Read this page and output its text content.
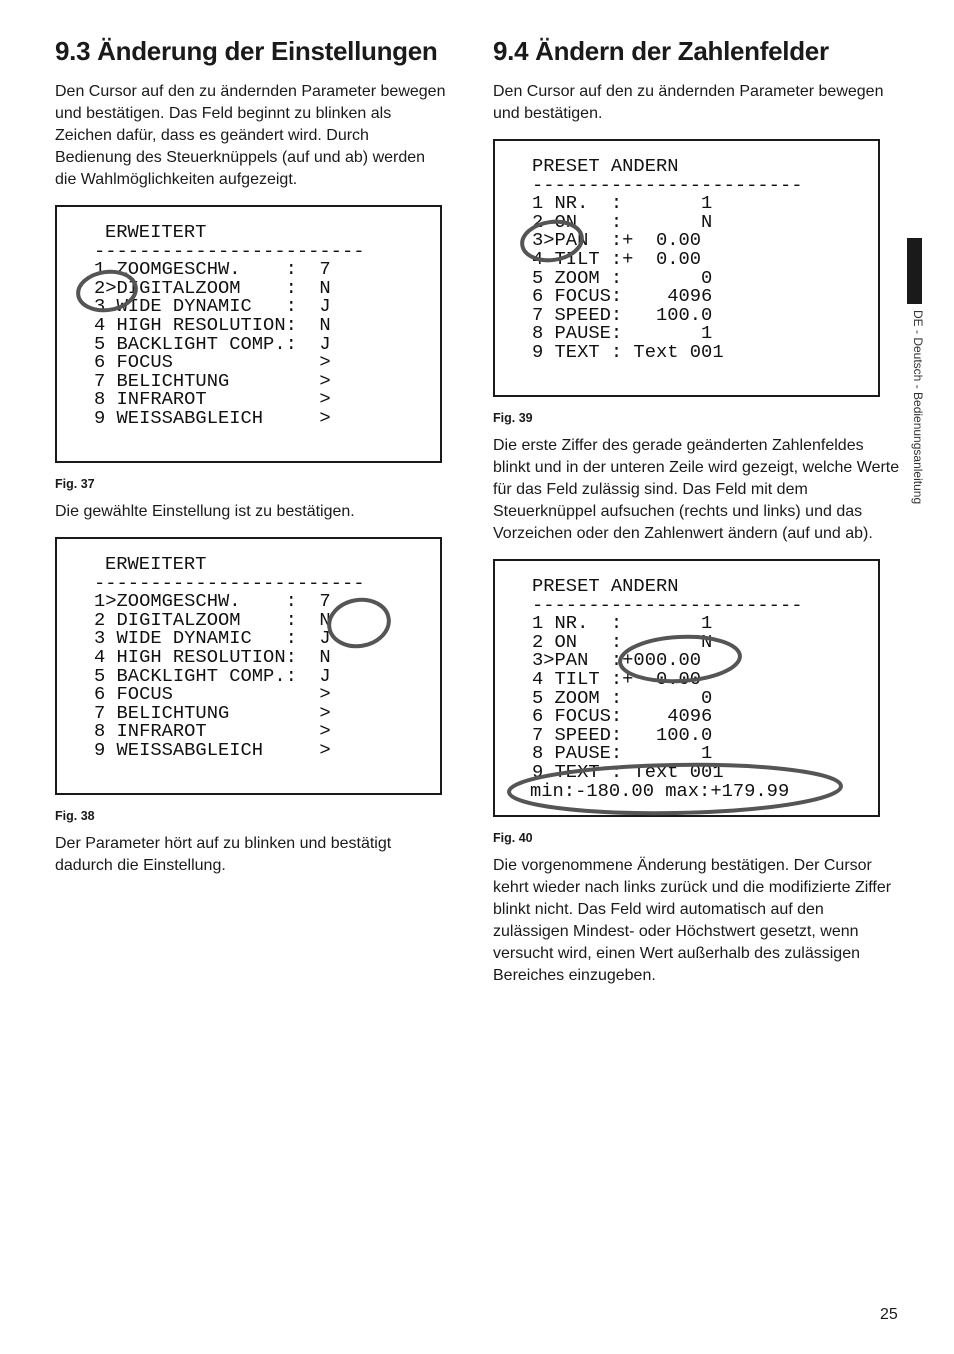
9.3 Änderung der Einstellungen

Den Cursor auf den zu ändernden Parameter bewegen und bestätigen. Das Feld beginnt zu blinken als Zeichen dafür, dass es geändert wird. Durch Bedienung des Steuerknüppels (auf und ab) werden die Wahlmöglichkeiten aufgezeigt.

ERWEITERT
------------------------
1 ZOOMGESCHW.    :  7
2>DIGITALZOOM    :  N
3 WIDE DYNAMIC   :  J
4 HIGH RESOLUTION:  N
5 BACKLIGHT COMP.:  J
6 FOCUS             >
7 BELICHTUNG        >
8 INFRAROT          >
9 WEISSABGLEICH     >

Fig. 37

Die gewählte Einstellung ist zu bestätigen.

ERWEITERT
------------------------
1>ZOOMGESCHW.    :  7
2 DIGITALZOOM    :  N
3 WIDE DYNAMIC   :  J
4 HIGH RESOLUTION:  N
5 BACKLIGHT COMP.:  J
6 FOCUS             >
7 BELICHTUNG        >
8 INFRAROT          >
9 WEISSABGLEICH     >

Fig. 38

Der Parameter hört auf zu blinken und bestätigt dadurch die Einstellung.

9.4 Ändern der Zahlenfelder

Den Cursor auf den zu ändernden Parameter bewegen und bestätigen.

PRESET ANDERN
------------------------
1 NR.  :       1
2 ON   :       N
3>PAN  :+  0.00
4 TILT :+  0.00
5 ZOOM :       0
6 FOCUS:    4096
7 SPEED:   100.0
8 PAUSE:       1
9 TEXT : Text 001

Fig. 39

Die erste Ziffer des gerade geänderten Zahlenfeldes blinkt und in der unteren Zeile wird gezeigt, welche Werte für das Feld zulässig sind. Das Feld mit dem Steuerknüppel aufsuchen (rechts und links) und das Vorzeichen oder den Zahlenwert ändern (auf und ab).

PRESET ANDERN
------------------------
1 NR.  :       1
2 ON   :       N
3>PAN  :+000.00
4 TILT :+  0.00
5 ZOOM :       0
6 FOCUS:    4096
7 SPEED:   100.0
8 PAUSE:       1
9 TEXT : Text 001
min:-180.00 max:+179.99

Fig. 40

Die vorgenommene Änderung bestätigen. Der Cursor kehrt wieder nach links zurück und die modifizierte Ziffer blinkt nicht. Das Feld wird automatisch auf den zulässigen Mindest- oder Höchstwert gesetzt, wenn versucht wird, einen Wert außerhalb des zulässigen Bereiches einzugeben.

DE - Deutsch - Bedienungsanleitung
25
